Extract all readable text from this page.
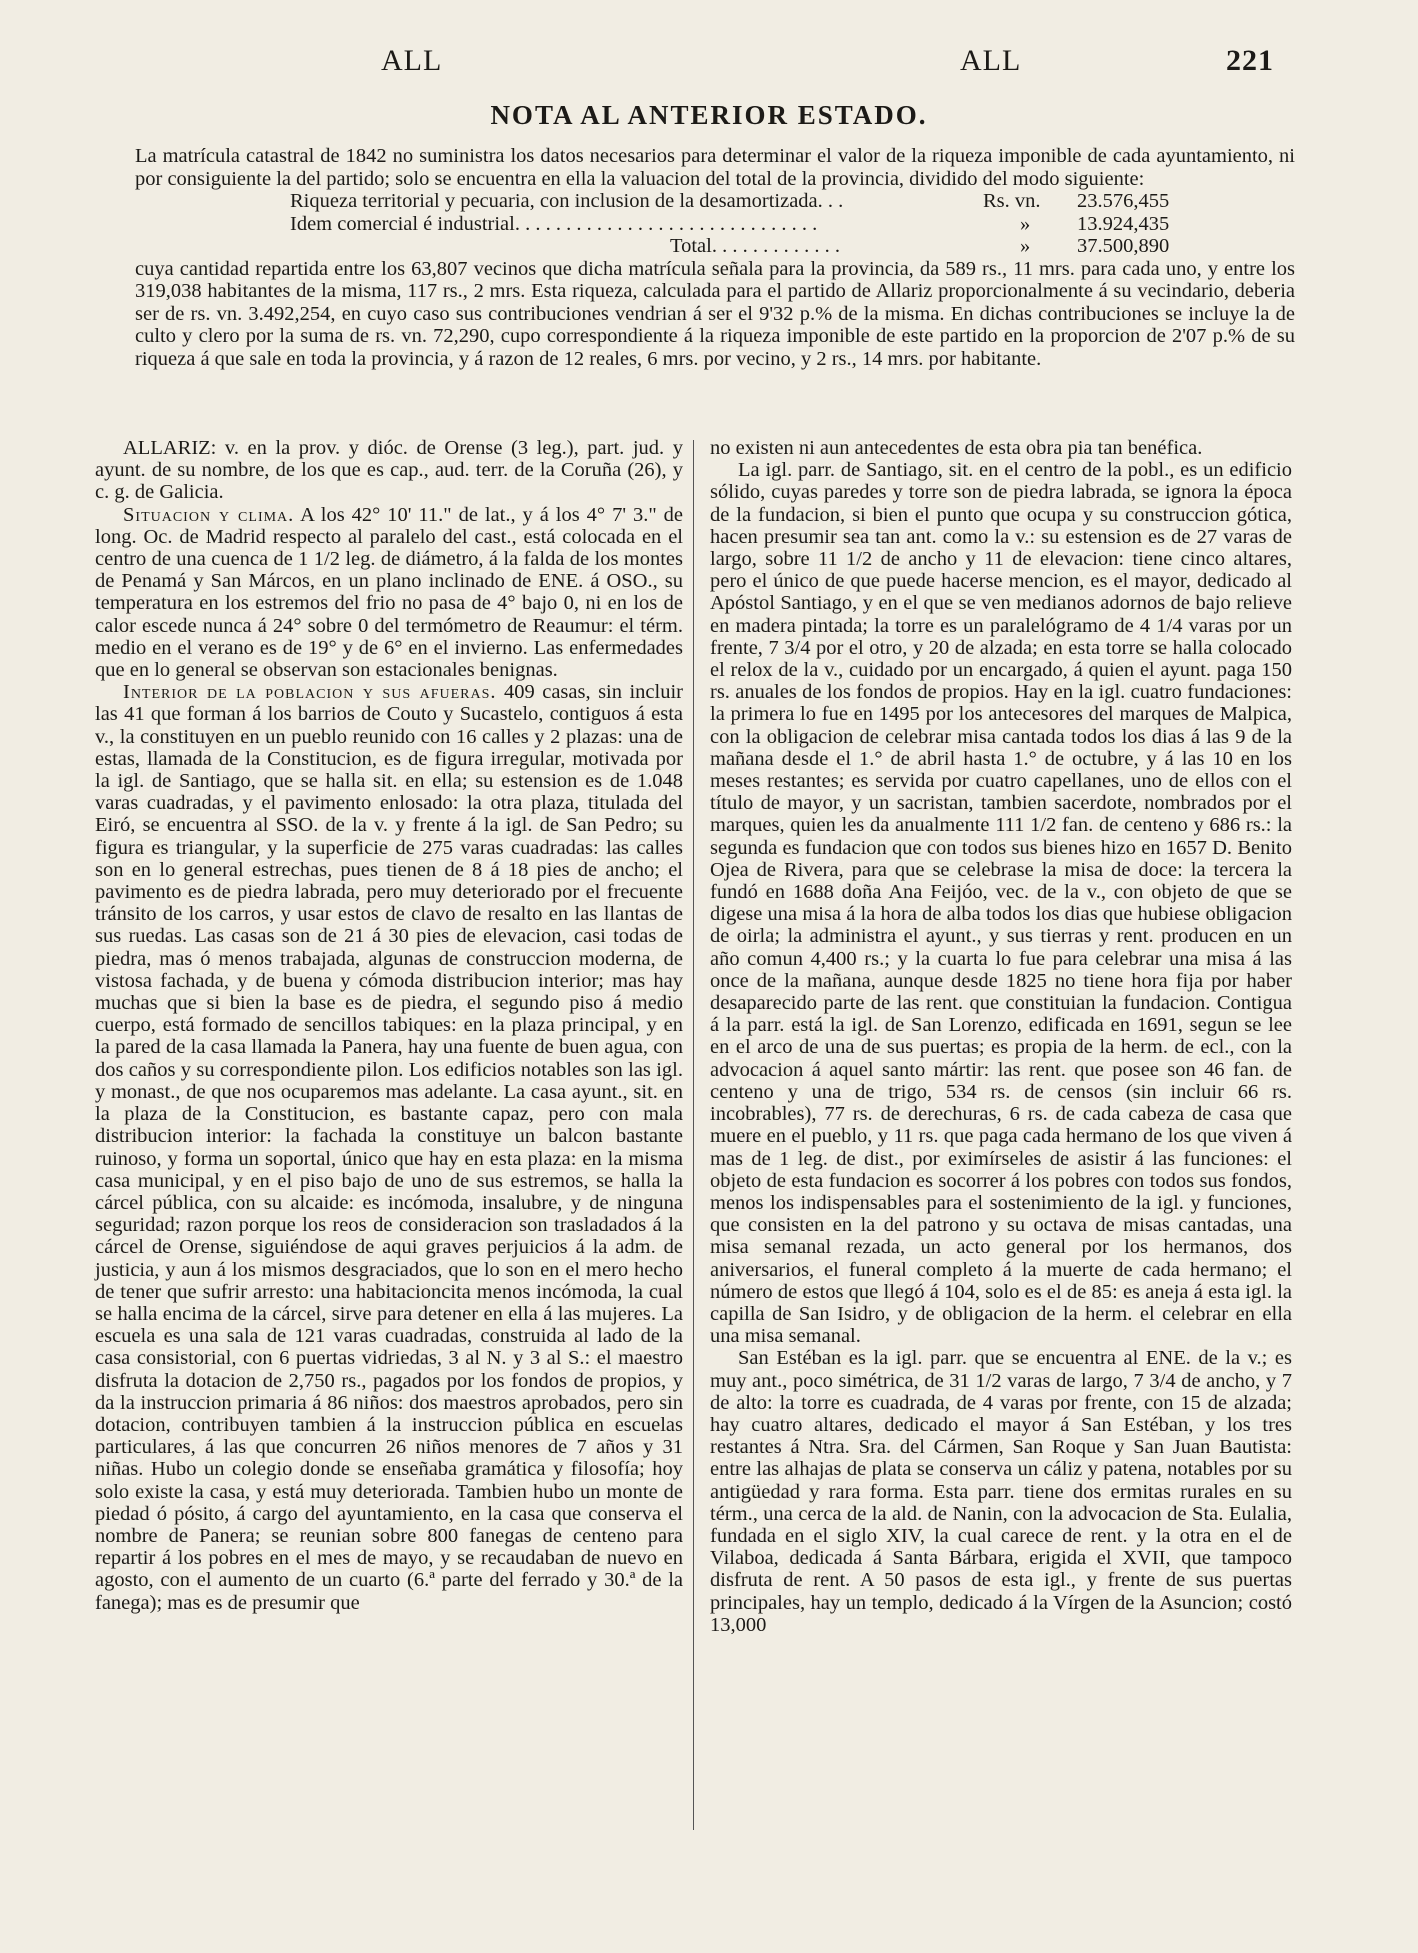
ALL	ALL	221
NOTA AL ANTERIOR ESTADO.

La matrícula catastral de 1842 no suministra los datos necesarios para determinar el valor de la riqueza imponible de cada ayuntamiento, ni por consiguiente la del partido; solo se encuentra en ella la valuacion del total de la provincia, dividido del modo siguiente:

Riqueza territorial y pecuaria, con inclusion de la desamortizada. . .	Rs. vn. 23.576,455
Idem comercial é industrial. . . . . . . . . . . . . . . . . . . . . . . . . . . . . .	» 13.924,435
Total. . . . . . . . . . . . .	» 37.500,890

cuya cantidad repartida entre los 63,807 vecinos que dicha matrícula señala para la provincia, da 589 rs., 11 mrs. para cada uno, y entre los 319,038 habitantes de la misma, 117 rs., 2 mrs. Esta riqueza, calculada para el partido de Allariz proporcionalmente á su vecindario, deberia ser de rs. vn. 3.492,254, en cuyo caso sus contribuciones vendrian á ser el 9'32 p.% de la misma. En dichas contribuciones se incluye la de culto y clero por la suma de rs. vn. 72,290, cupo correspondiente á la riqueza imponible de este partido en la proporcion de 2'07 p.% de su riqueza á que sale en toda la provincia, y á razon de 12 reales, 6 mrs. por vecino, y 2 rs., 14 mrs. por habitante.

ALLARIZ: v. en la prov. y dióc. de Orense (3 leg.), part. jud. y ayunt. de su nombre, de los que es cap., aud. terr. de la Coruña (26), y c. g. de Galicia.

Situacion y clima. A los 42° 10' 11." de lat., y á los 4° 7' 3." de long. Oc. de Madrid respecto al paralelo del cast., está colocada en el centro de una cuenca de 1 1/2 leg. de diámetro, á la falda de los montes de Penamá y San Márcos, en un plano inclinado de ENE. á OSO., su temperatura en los estremos del frio no pasa de 4° bajo 0, ni en los de calor escede nunca á 24° sobre 0 del termómetro de Reaumur: el térm. medio en el verano es de 19° y de 6° en el invierno. Las enfermedades que en lo general se observan son estacionales benignas.

Interior de la poblacion y sus afueras. 409 casas, sin incluir las 41 que forman á los barrios de Couto y Sucastelo, contiguos á esta v., la constituyen en un pueblo reunido con 16 calles y 2 plazas: una de estas, llamada de la Constitucion, es de figura irregular, motivada por la igl. de Santiago, que se halla sit. en ella; su estension es de 1.048 varas cuadradas, y el pavimento enlosado: la otra plaza, titulada del Eiró, se encuentra al SSO. de la v. y frente á la igl. de San Pedro; su figura es triangular, y la superficie de 275 varas cuadradas: las calles son en lo general estrechas, pues tienen de 8 á 18 pies de ancho; el pavimento es de piedra labrada, pero muy deteriorado por el frecuente tránsito de los carros, y usar estos de clavo de resalto en las llantas de sus ruedas. Las casas son de 21 á 30 pies de elevacion, casi todas de piedra, mas ó menos trabajada, algunas de construccion moderna, de vistosa fachada, y de buena y cómoda distribucion interior; mas hay muchas que si bien la base es de piedra, el segundo piso á medio cuerpo, está formado de sencillos tabiques: en la plaza principal, y en la pared de la casa llamada la Panera, hay una fuente de buen agua, con dos caños y su correspondiente pilon. Los edificios notables son las igl. y monast., de que nos ocuparemos mas adelante. La casa ayunt., sit. en la plaza de la Constitucion, es bastante capaz, pero con mala distribucion interior: la fachada la constituye un balcon bastante ruinoso, y forma un soportal, único que hay en esta plaza: en la misma casa municipal, y en el piso bajo de uno de sus estremos, se halla la cárcel pública, con su alcaide: es incómoda, insalubre, y de ninguna seguridad; razon porque los reos de consideracion son trasladados á la cárcel de Orense, siguiéndose de aqui graves perjuicios á la adm. de justicia, y aun á los mismos desgraciados, que lo son en el mero hecho de tener que sufrir arresto: una habitacioncita menos incómoda, la cual se halla encima de la cárcel, sirve para detener en ella á las mujeres. La escuela es una sala de 121 varas cuadradas, construida al lado de la casa consistorial, con 6 puertas vidriedas, 3 al N. y 3 al S.: el maestro disfruta la dotacion de 2,750 rs., pagados por los fondos de propios, y da la instruccion primaria á 86 niños: dos maestros aprobados, pero sin dotacion, contribuyen tambien á la instruccion pública en escuelas particulares, á las que concurren 26 niños menores de 7 años y 31 niñas. Hubo un colegio donde se enseñaba gramática y filosofía; hoy solo existe la casa, y está muy deteriorada. Tambien hubo un monte de piedad ó pósito, á cargo del ayuntamiento, en la casa que conserva el nombre de Panera; se reunian sobre 800 fanegas de centeno para repartir á los pobres en el mes de mayo, y se recaudaban de nuevo en agosto, con el aumento de un cuarto (6.ª parte del ferrado y 30.ª de la fanega); mas es de presumir que

no existen ni aun antecedentes de esta obra pia tan benéfica.

La igl. parr. de Santiago, sit. en el centro de la pobl., es un edificio sólido, cuyas paredes y torre son de piedra labrada, se ignora la época de la fundacion, si bien el punto que ocupa y su construccion gótica, hacen presumir sea tan ant. como la v.: su estension es de 27 varas de largo, sobre 11 1/2 de ancho y 11 de elevacion: tiene cinco altares, pero el único de que puede hacerse mencion, es el mayor, dedicado al Apóstol Santiago, y en el que se ven medianos adornos de bajo relieve en madera pintada; la torre es un paralelógramo de 4 1/4 varas por un frente, 7 3/4 por el otro, y 20 de alzada; en esta torre se halla colocado el relox de la v., cuidado por un encargado, á quien el ayunt. paga 150 rs. anuales de los fondos de propios. Hay en la igl. cuatro fundaciones: la primera lo fue en 1495 por los antecesores del marques de Malpica, con la obligacion de celebrar misa cantada todos los dias á las 9 de la mañana desde el 1.° de abril hasta 1.° de octubre, y á las 10 en los meses restantes; es servida por cuatro capellanes, uno de ellos con el título de mayor, y un sacristan, tambien sacerdote, nombrados por el marques, quien les da anualmente 111 1/2 fan. de centeno y 686 rs.: la segunda es fundacion que con todos sus bienes hizo en 1657 D. Benito Ojea de Rivera, para que se celebrase la misa de doce: la tercera la fundó en 1688 doña Ana Feijóo, vec. de la v., con objeto de que se digese una misa á la hora de alba todos los dias que hubiese obligacion de oirla; la administra el ayunt., y sus tierras y rent. producen en un año comun 4,400 rs.; y la cuarta lo fue para celebrar una misa á las once de la mañana, aunque desde 1825 no tiene hora fija por haber desaparecido parte de las rent. que constituian la fundacion. Contigua á la parr. está la igl. de San Lorenzo, edificada en 1691, segun se lee en el arco de una de sus puertas; es propia de la herm. de ecl., con la advocacion á aquel santo mártir: las rent. que posee son 46 fan. de centeno y una de trigo, 534 rs. de censos (sin incluir 66 rs. incobrables), 77 rs. de derechuras, 6 rs. de cada cabeza de casa que muere en el pueblo, y 11 rs. que paga cada hermano de los que viven á mas de 1 leg. de dist., por eximírseles de asistir á las funciones: el objeto de esta fundacion es socorrer á los pobres con todos sus fondos, menos los indispensables para el sostenimiento de la igl. y funciones, que consisten en la del patrono y su octava de misas cantadas, una misa semanal rezada, un acto general por los hermanos, dos aniversarios, el funeral completo á la muerte de cada hermano; el número de estos que llegó á 104, solo es el de 85: es aneja á esta igl. la capilla de San Isidro, y de obligacion de la herm. el celebrar en ella una misa semanal.

San Estéban es la igl. parr. que se encuentra al ENE. de la v.; es muy ant., poco simétrica, de 31 1/2 varas de largo, 7 3/4 de ancho, y 7 de alto: la torre es cuadrada, de 4 varas por frente, con 15 de alzada; hay cuatro altares, dedicado el mayor á San Estéban, y los tres restantes á Ntra. Sra. del Cármen, San Roque y San Juan Bautista: entre las alhajas de plata se conserva un cáliz y patena, notables por su antigüedad y rara forma. Esta parr. tiene dos ermitas rurales en su térm., una cerca de la ald. de Nanin, con la advocacion de Sta. Eulalia, fundada en el siglo XIV, la cual carece de rent. y la otra en el de Vilaboa, dedicada á Santa Bárbara, erigida el XVII, que tampoco disfruta de rent. A 50 pasos de esta igl., y frente de sus puertas principales, hay un templo, dedicado á la Vírgen de la Asuncion; costó 13,000
